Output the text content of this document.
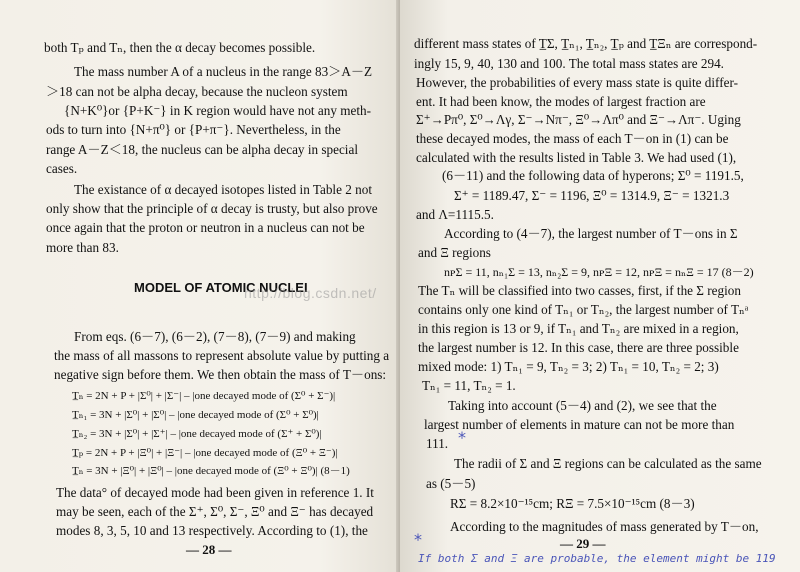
both Tₚ and Tₙ, then the α decay becomes possible.
The mass number A of a nucleus in the range 83＞A－Z
＞18 can not be alpha decay, because the nucleon system
{N+K⁰}or {P+K⁻} in K region would have not any meth-
ods to turn into {N+π⁰} or {P+π⁻}. Nevertheless, in the
range A－Z＜18, the nucleus can be alpha decay in special
cases.
The existance of α decayed isotopes listed in Table 2 not
only show that the principle of α decay is trusty, but also prove
once again that the proton or neutron in a nucleus can not be
more than 83.
MODEL OF ATOMIC NUCLEI
From eqs. (6－7), (6－2), (7－8), (7－9) and making
the mass of all massons to represent absolute value by putting a
negative sign before them. We then obtain the mass of T－ons:
T̲ₙ = 2N + P + |Σ⁰| + |Σ⁻| – |one decayed mode of (Σ⁰ + Σ⁻)|
T̲ₙ₁ = 3N + |Σ⁰| + |Σ⁰| – |one decayed mode of (Σ⁰ + Σ⁰)|
T̲ₙ₂ = 3N + |Σ⁰| + |Σ⁺| – |one decayed mode of (Σ⁺ + Σ⁰)|
T̲ₚ = 2N + P + |Ξ⁰| + |Ξ⁻| – |one decayed mode of (Ξ⁰ + Ξ⁻)|
T̲ₙ = 3N + |Ξ⁰| + |Ξ⁰| – |one decayed mode of (Ξ⁰ + Ξ⁰)| (8－1)
The data° of decayed mode had been given in reference 1. It
may be seen, each of the Σ⁺, Σ⁰, Σ⁻, Ξ⁰ and Ξ⁻ has decayed
modes 8, 3, 5, 10 and 13 respectively. According to (1), the
— 28 —
different mass states of T̲Σ, T̲ₙ₁, T̲ₙ₂, T̲ₚ and T̲Ξₙ are correspond-
ingly 15, 9, 40, 130 and 100. The total mass states are 294.
However, the probabilities of every mass state is quite differ-
ent. It had been know, the modes of largest fraction are
Σ⁺→Pπ⁰, Σ⁰→Λγ, Σ⁻→Nπ⁻, Ξ⁰→Λπ⁰ and Ξ⁻→Λπ⁻. Uging
these decayed modes, the mass of each T－on in (1) can be
calculated with the results listed in Table 3. We had used (1),
(6－11) and the following data of hyperons; Σ⁰ = 1191.5,
Σ⁺ = 1189.47, Σ⁻ = 1196, Ξ⁰ = 1314.9, Ξ⁻ = 1321.3
and Λ=1115.5.
According to (4－7), the largest number of T－ons in Σ
and Ξ regions
nᴘΣ = 11, nₙ₁Σ = 13, nₙ₂Σ = 9, nᴘΞ = 12, nᴘΞ = nₙΞ = 17 (8－2)
The Tₙ will be classified into two casses, first, if the Σ region
contains only one kind of Tₙ₁ or Tₙ₂, the largest number of Tₙᵃ
in this region is 13 or 9, if Tₙ₁ and Tₙ₂ are mixed in a region,
the largest number is 12. In this case, there are three possible
mixed mode: 1) Tₙ₁ = 9, Tₙ₂ = 3; 2) Tₙ₁ = 10, Tₙ₂ = 2; 3)
Tₙ₁ = 11, Tₙ₂ = 1.
Taking into account (5－4) and (2), we see that the
largest number of elements in mature can not be more than
111. *
The radii of Σ and Ξ regions can be calculated as the same
as (5－5)
RΣ = 8.2×10⁻¹⁵cm; RΞ = 7.5×10⁻¹⁵cm (8－3)
According to the magnitudes of mass generated by T－on,
— 29 —
*
If both Σ and Ξ are probable, the element might be 119
http://blog.csdn.net/
